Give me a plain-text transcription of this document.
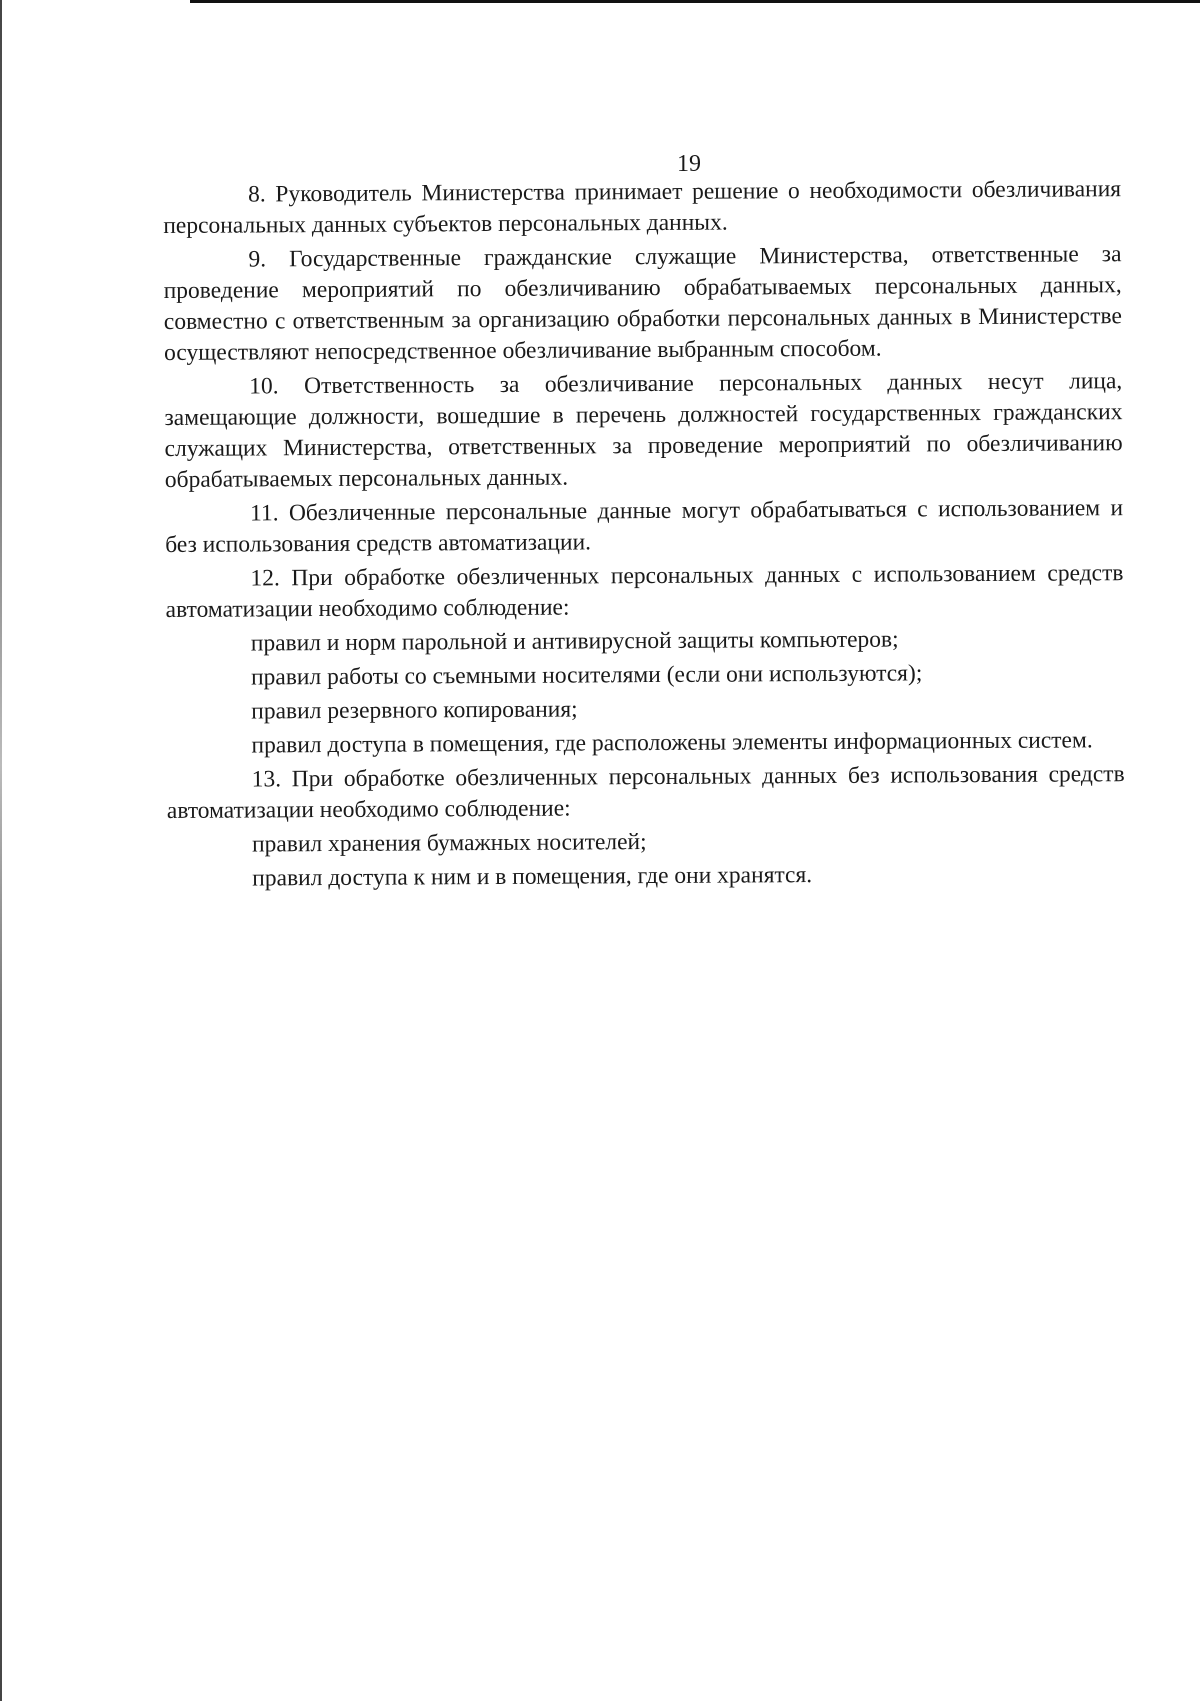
19

8. Руководитель Министерства принимает решение о необходимости обезличивания персональных данных субъектов персональных данных.

9. Государственные гражданские служащие Министерства, ответственные за проведение мероприятий по обезличиванию обрабатываемых персональных данных, совместно с ответственным за организацию обработки персональных данных в Министерстве осуществляют непосредственное обезличивание выбранным способом.

10. Ответственность за обезличивание персональных данных несут лица, замещающие должности, вошедшие в перечень должностей государственных гражданских служащих Министерства, ответственных за проведение мероприятий по обезличиванию обрабатываемых персональных данных.

11. Обезличенные персональные данные могут обрабатываться с использованием и без использования средств автоматизации.

12. При обработке обезличенных персональных данных с использованием средств автоматизации необходимо соблюдение:

правил и норм парольной и антивирусной защиты компьютеров;

правил работы со съемными носителями (если они используются);

правил резервного копирования;

правил доступа в помещения, где расположены элементы информационных систем.

13. При обработке обезличенных персональных данных без использования средств автоматизации необходимо соблюдение:

правил хранения бумажных носителей;

правил доступа к ним и в помещения, где они хранятся.
